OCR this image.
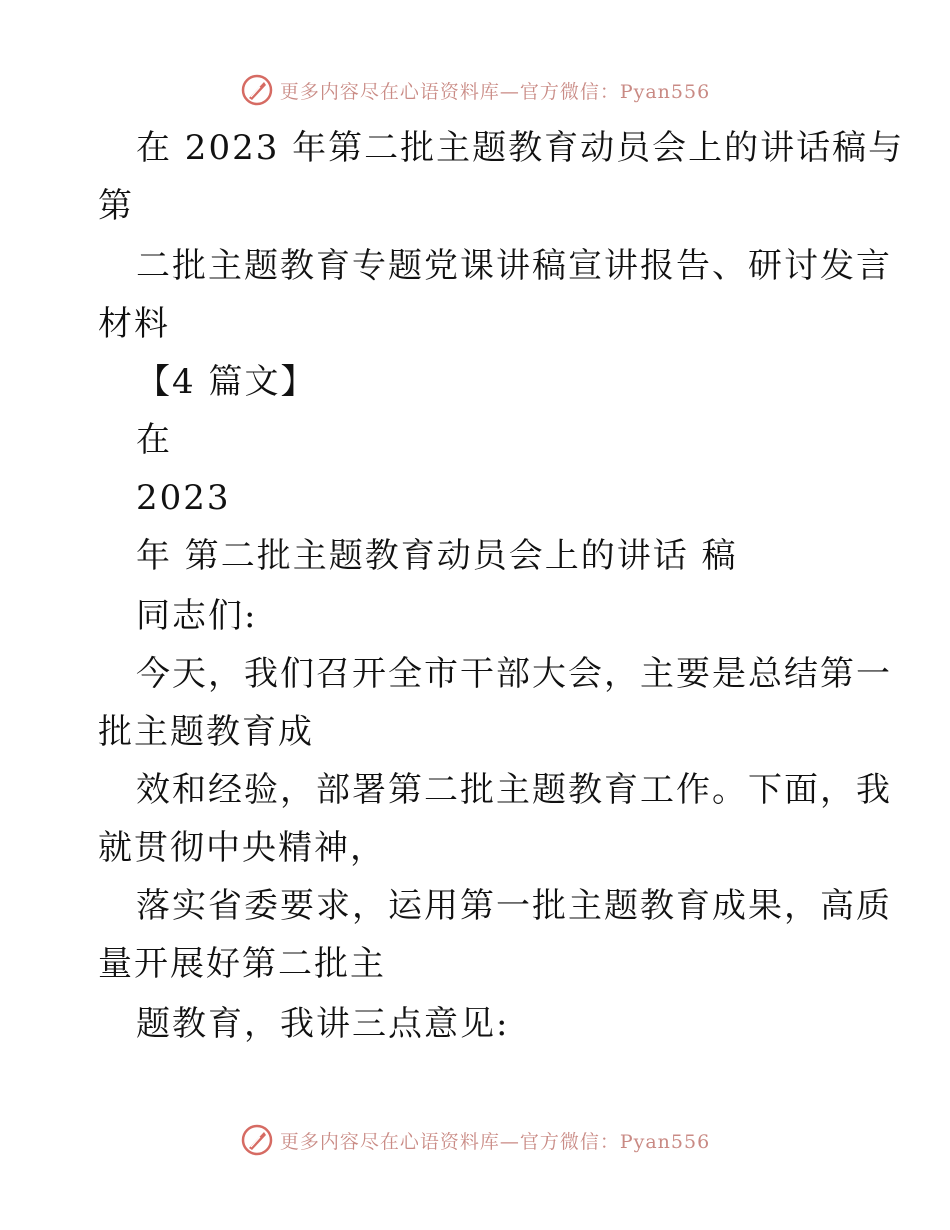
更多内容尽在心语资料库—官方微信：Pyan556
在 2023 年第二批主题教育动员会上的讲话稿与
第
二批主题教育专题党课讲稿宣讲报告、研讨发言
材料
【4 篇文】
在
2023
年 第二批主题教育动员会上的讲话 稿
同志们:
今天，我们召开全市干部大会，主要是总结第一
批主题教育成
效和经验，部署第二批主题教育工作。下面，我
就贯彻中央精神，
落实省委要求，运用第一批主题教育成果，高质
量开展好第二批主
题教育，我讲三点意见:
更多内容尽在心语资料库—官方微信：Pyan556
